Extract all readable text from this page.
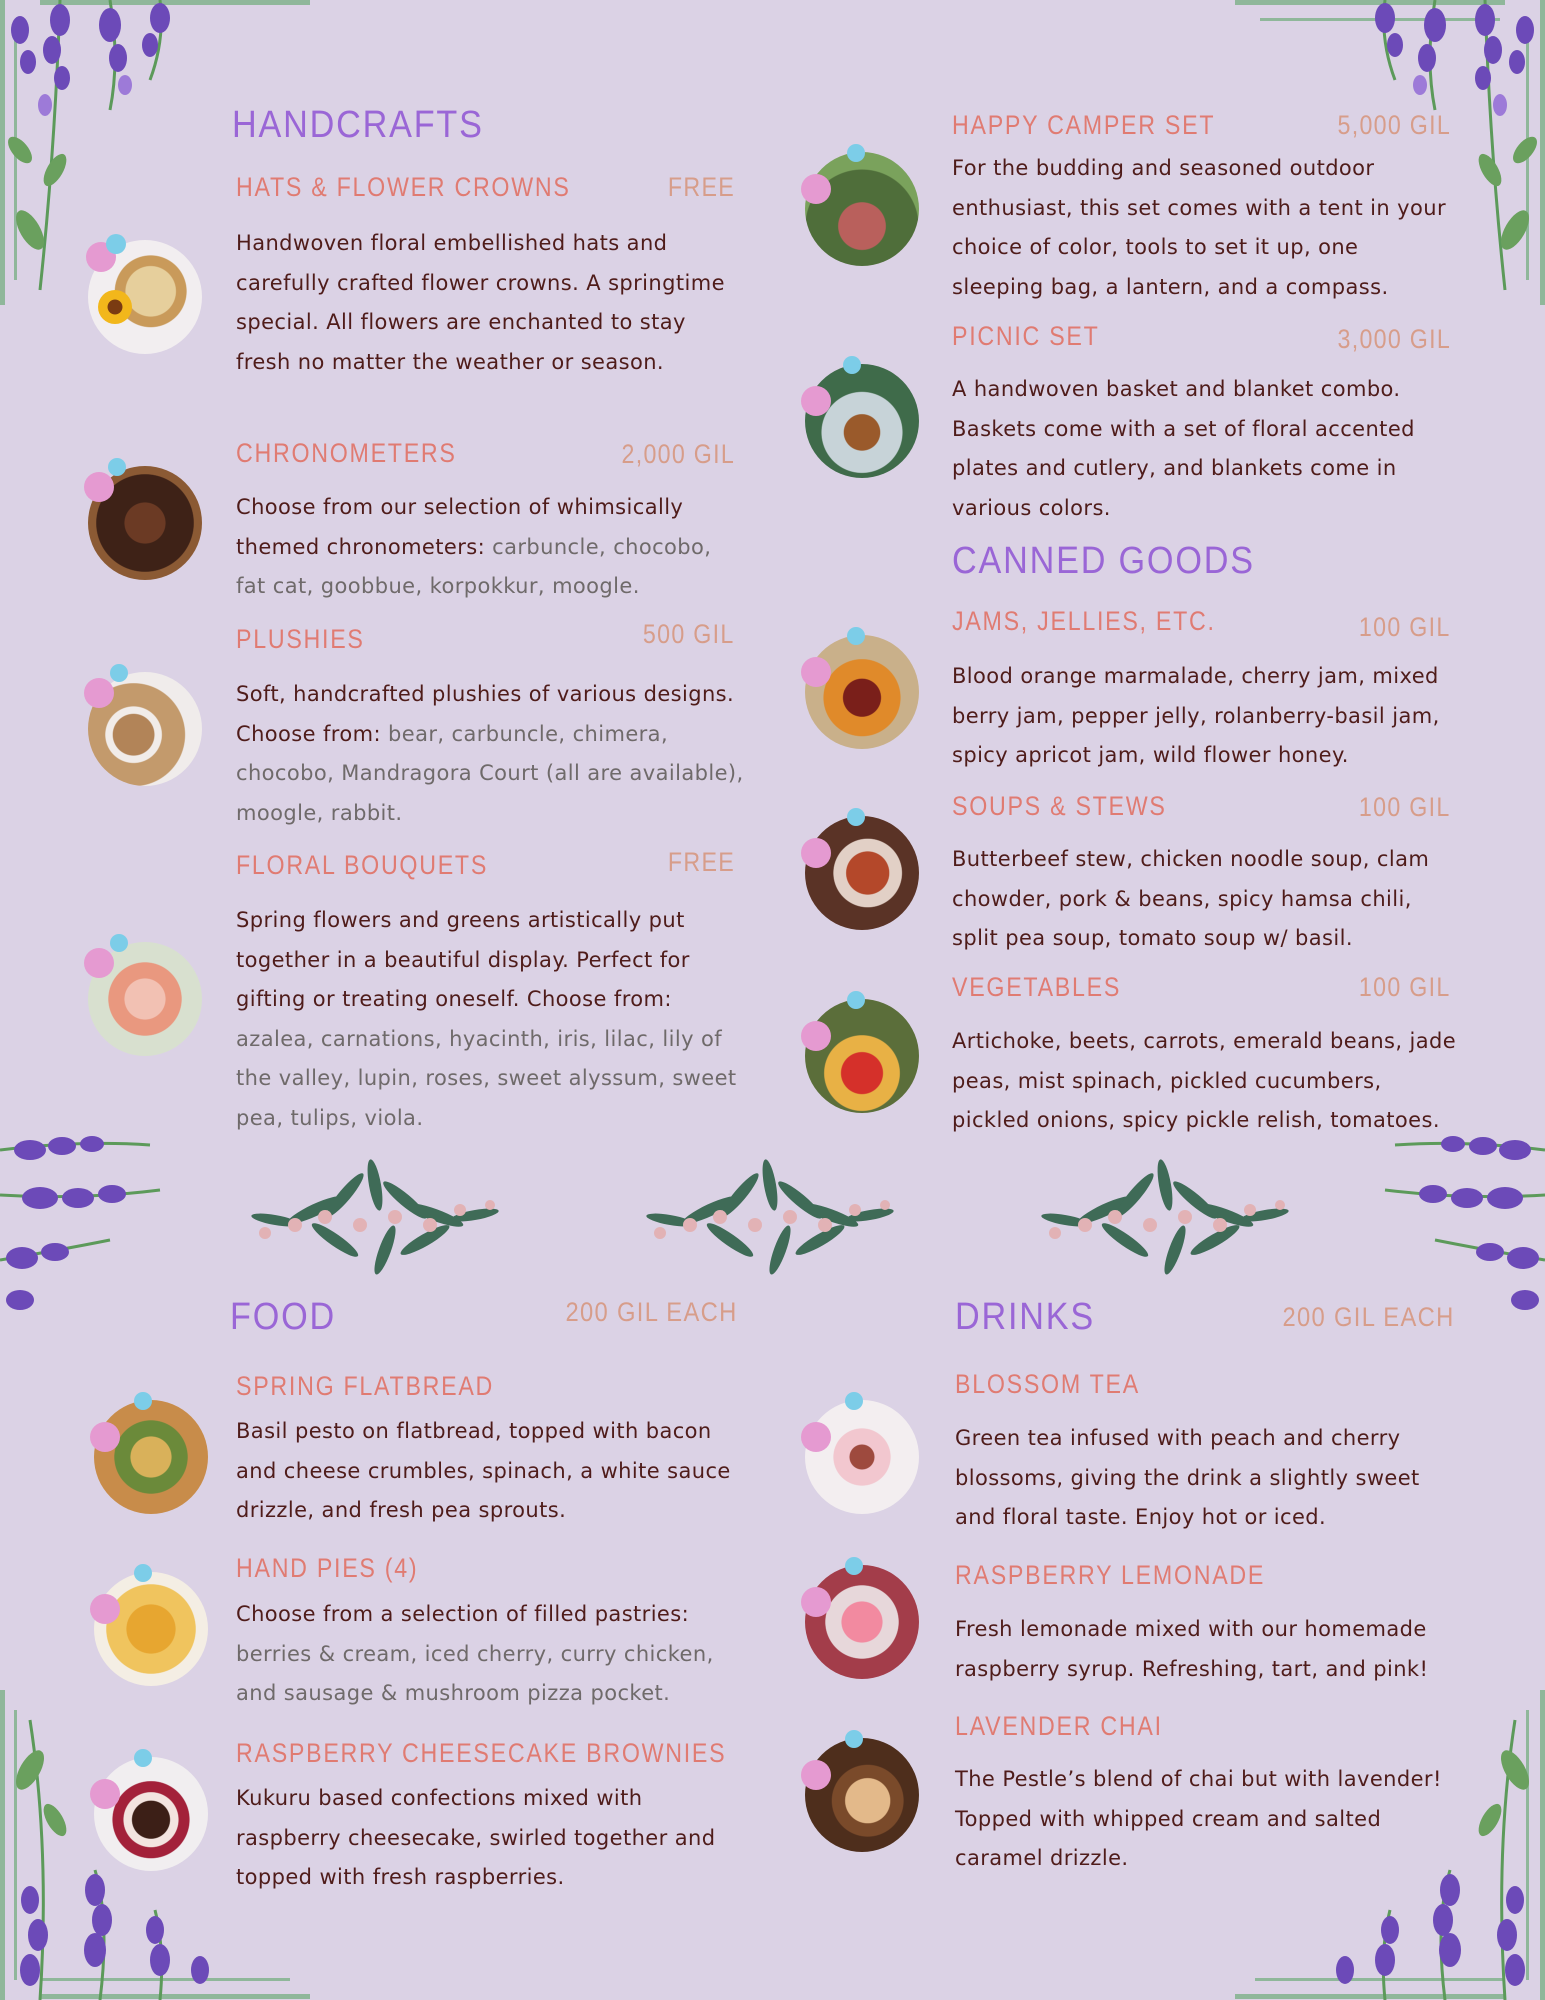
HANDCRAFTS
HATS & FLOWER CROWNS	FREE
Handwoven floral embellished hats and carefully crafted flower crowns. A springtime special. All flowers are enchanted to stay fresh no matter the weather or season.
CHRONOMETERS	2,000 GIL
Choose from our selection of whimsically themed chronometers: carbuncle, chocobo, fat cat, goobbue, korpokkur, moogle.
PLUSHIES	500 GIL
Soft, handcrafted plushies of various designs. Choose from: bear, carbuncle, chimera, chocobo, Mandragora Court (all are available), moogle, rabbit.
FLORAL BOUQUETS	FREE
Spring flowers and greens artistically put together in a beautiful display. Perfect for gifting or treating oneself. Choose from: azalea, carnations, hyacinth, iris, lilac, lily of the valley, lupin, roses, sweet alyssum, sweet pea, tulips, viola.
HAPPY CAMPER SET	5,000 GIL
For the budding and seasoned outdoor enthusiast, this set comes with a tent in your choice of color, tools to set it up, one sleeping bag, a lantern, and a compass.
PICNIC SET	3,000 GIL
A handwoven basket and blanket combo. Baskets come with a set of floral accented plates and cutlery, and blankets come in various colors.
CANNED GOODS
JAMS, JELLIES, ETC.	100 GIL
Blood orange marmalade, cherry jam, mixed berry jam, pepper jelly, rolanberry-basil jam, spicy apricot jam, wild flower honey.
SOUPS & STEWS	100 GIL
Butterbeef stew, chicken noodle soup, clam chowder, pork & beans, spicy hamsa chili, split pea soup, tomato soup w/ basil.
VEGETABLES	100 GIL
Artichoke, beets, carrots, emerald beans, jade peas, mist spinach, pickled cucumbers, pickled onions, spicy pickle relish, tomatoes.
FOOD	200 GIL EACH
SPRING FLATBREAD
Basil pesto on flatbread, topped with bacon and cheese crumbles, spinach, a white sauce drizzle, and fresh pea sprouts.
HAND PIES (4)
Choose from a selection of filled pastries: berries & cream, iced cherry, curry chicken, and sausage & mushroom pizza pocket.
RASPBERRY CHEESECAKE BROWNIES
Kukuru based confections mixed with raspberry cheesecake, swirled together and topped with fresh raspberries.
DRINKS	200 GIL EACH
BLOSSOM TEA
Green tea infused with peach and cherry blossoms, giving the drink a slightly sweet and floral taste. Enjoy hot or iced.
RASPBERRY LEMONADE
Fresh lemonade mixed with our homemade raspberry syrup. Refreshing, tart, and pink!
LAVENDER CHAI
The Pestle’s blend of chai but with lavender! Topped with whipped cream and salted caramel drizzle.
